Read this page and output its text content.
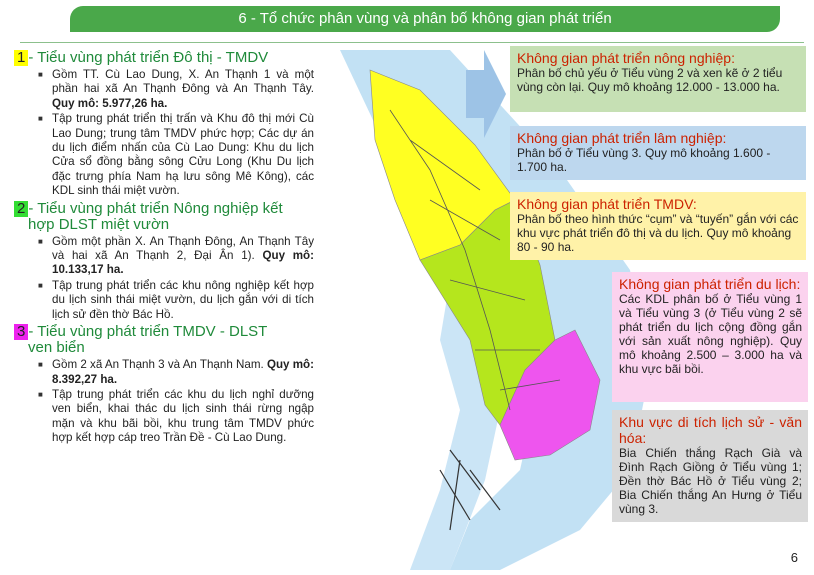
6 - Tổ chức phân vùng và phân bố không gian phát triển
1 - Tiểu vùng phát triển Đô thị - TMDV
■ Gồm TT. Cù Lao Dung, X. An Thạnh 1 và một phần hai xã An Thạnh Đông và An Thạnh Tây. Quy mô: 5.977,26 ha.
■ Tập trung phát triển thị trấn và Khu đô thị mới Cù Lao Dung; trung tâm TMDV phức hợp; Các dự án du lịch điểm nhấn của Cù Lao Dung: Khu du lịch Cửa sổ đồng bằng sông Cửu Long (Khu Du lịch đặc trưng phía Nam hạ lưu sông Mê Kông), các KDL sinh thái miệt vườn.
2 - Tiểu vùng phát triển Nông nghiệp kết
hợp DLST miệt vườn
■ Gồm một phần X. An Thạnh Đông, An Thạnh Tây và hai xã An Thạnh 2, Đại Ân 1). Quy mô: 10.133,17 ha.
■ Tập trung phát triển các khu nông nghiệp kết hợp du lịch sinh thái miệt vườn, du lịch gắn với di tích lịch sử đền thờ Bác Hồ.
3 - Tiểu vùng phát triển TMDV - DLST
ven biển
■ Gồm 2 xã An Thạnh 3 và An Thạnh Nam. Quy mô: 8.392,27 ha.
■ Tập trung phát triển các khu du lịch nghỉ dưỡng ven biển, khai thác du lịch sinh thái rừng ngập mặn và khu bãi bồi, khu trung tâm TMDV phức hợp kết hợp cáp treo Trần Đề - Cù Lao Dung.
Không gian phát triển nông nghiệp:
Phân bố chủ yếu ở Tiểu vùng 2 và xen kẽ ở 2 tiểu vùng còn lại. Quy mô khoảng 12.000 - 13.000 ha.
Không gian phát triển lâm nghiệp:
Phân bố ở Tiểu vùng 3. Quy mô khoảng 1.600 - 1.700 ha.
Không gian phát triển TMDV:
Phân bố theo hình thức “cụm” và “tuyến” gắn với các khu vực phát triển đô thị và du lịch. Quy mô khoảng 80 - 90 ha.
Không gian phát triển du lịch:
Các KDL phân bố ở Tiểu vùng 1 và Tiểu vùng 3 (ở Tiểu vùng 2 sẽ phát triển du lịch cộng đồng gắn với sản xuất nông nghiệp). Quy mô khoảng 2.500 – 3.000 ha và khu vực bãi bồi.
Khu vực di tích lịch sử - văn hóa:
Bia Chiến thắng Rạch Già và Đình Rạch Giồng ở Tiểu vùng 1; Đền thờ Bác Hồ ở Tiểu vùng 2; Bia Chiến thắng An Hưng ở Tiểu vùng 3.
6
